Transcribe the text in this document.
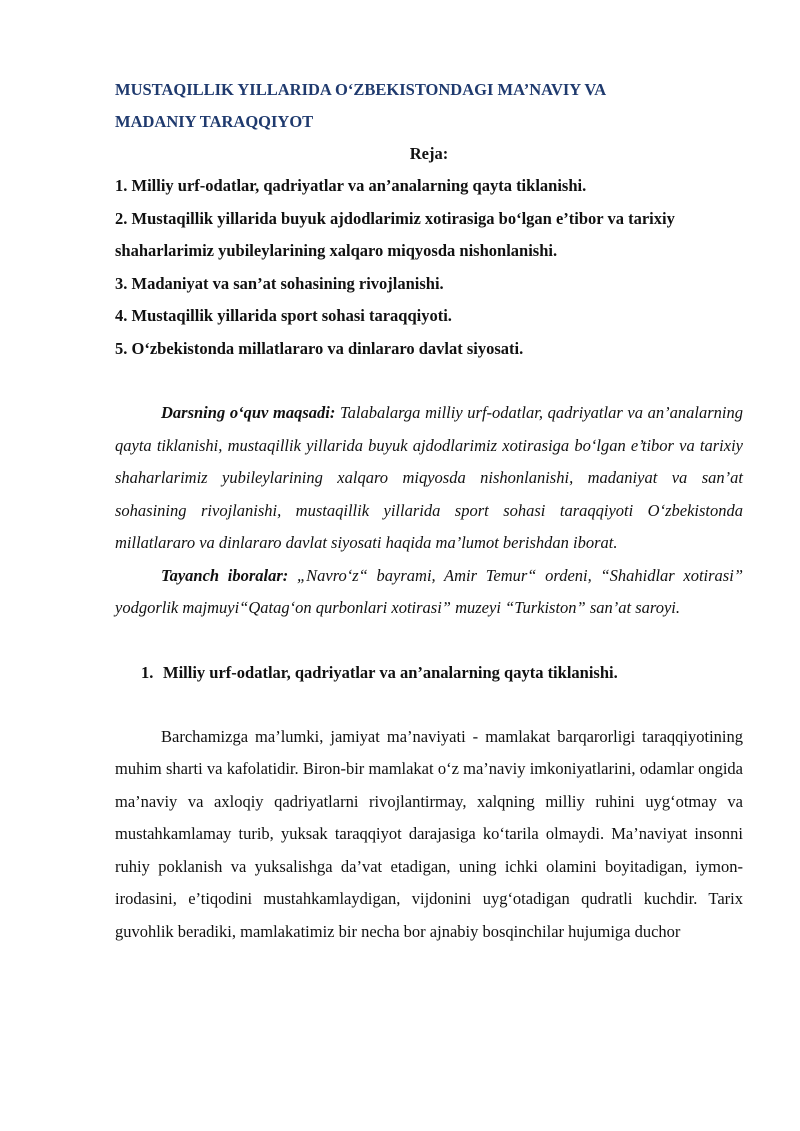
MUSTAQILLIK YILLARIDA O‘ZBEKISTONDAGI MA’NAVIY VA
MADANIY TARAQQIYOT

Reja:

1. Milliy urf-odatlar, qadriyatlar va an’analarning qayta tiklanishi.
2. Mustaqillik yillarida buyuk ajdodlarimiz xotirasiga bo‘lgan e’tibor va tarixiy shaharlarimiz yubileylarining xalqaro miqyosda nishonlanishi.
3. Madaniyat va san’at sohasining rivojlanishi.
4. Mustaqillik yillarida sport sohasi taraqqiyoti.
5. O‘zbekistonda millatlararo va dinlararo davlat siyosati.

Darsning o‘quv maqsadi: Talabalarga milliy urf-odatlar, qadriyatlar va an’analarning qayta tiklanishi, mustaqillik yillarida buyuk ajdodlarimiz xotirasiga bo‘lgan e’tibor va tarixiy shaharlarimiz yubileylarining xalqaro miqyosda nishonlanishi, madaniyat va san’at sohasining rivojlanishi, mustaqillik yillarida sport sohasi taraqqiyoti O‘zbekistonda millatlararo va dinlararo davlat siyosati haqida ma’lumot berishdan iborat.

Tayanch iboralar: „Navro‘z“ bayrami, Amir Temur“ ordeni, “Shahidlar xotirasi” yodgorlik majmuyi“Qatag‘on qurbonlari xotirasi” muzeyi “Turkiston” san’at saroyi.

1. Milliy urf-odatlar, qadriyatlar va an’analarning qayta tiklanishi.

Barchamizga ma’lumki, jamiyat ma’naviyati - mamlakat barqarorligi taraqqiyotining muhim sharti va kafolatidir. Biron-bir mamlakat o‘z ma’naviy imkoniyatlarini, odamlar ongida ma’naviy va axloqiy qadriyatlarni rivojlantirmay, xalqning milliy ruhini uyg‘otmay va mustahkamlamay turib, yuksak taraqqiyot darajasiga ko‘tarila olmaydi. Ma’naviyat insonni ruhiy poklanish va yuksalishga da’vat etadigan, uning ichki olamini boyitadigan, iymon-irodasini, e’tiqodini mustahkamlaydigan, vijdonini uyg‘otadigan qudratli kuchdir. Tarix guvohlik beradiki, mamlakatimiz bir necha bor ajnabiy bosqinchilar hujumiga duchor
